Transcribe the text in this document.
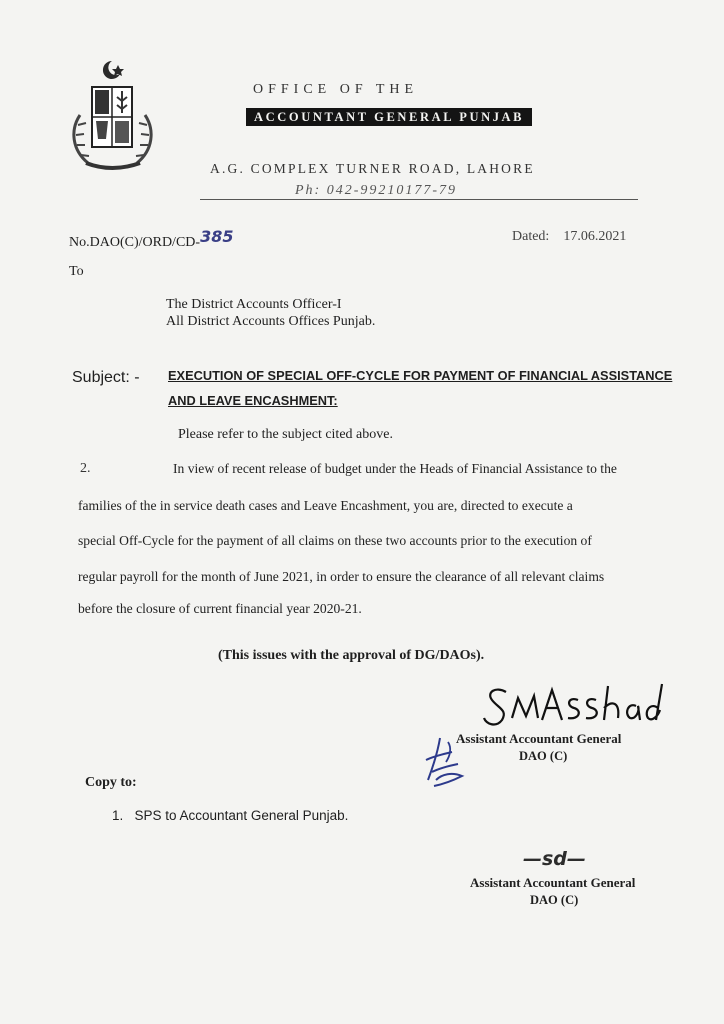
OFFICE OF THE
ACCOUNTANT GENERAL PUNJAB
A.G. COMPLEX TURNER ROAD, LAHORE
Ph: 042-99210177-79
No.DAO(C)/ORD/CD-385	Dated: 17.06.2021
To
The District Accounts Officer-I
All District Accounts Offices Punjab.
Subject: - EXECUTION OF SPECIAL OFF-CYCLE FOR PAYMENT OF FINANCIAL ASSISTANCE
AND LEAVE ENCASHMENT:
Please refer to the subject cited above.
2.	In view of recent release of budget under the Heads of Financial Assistance to the
families of the in service death cases and Leave Encashment, you are, directed to execute a
special Off-Cycle for the payment of all claims on these two accounts prior to the execution of
regular payroll for the month of June 2021, in order to ensure the clearance of all relevant claims
before the closure of current financial year 2020-21.
(This issues with the approval of DG/DAOs).
Assistant Accountant General
DAO (C)
Copy to:
1.   SPS to Accountant General Punjab.
—sd—
Assistant Accountant General
DAO (C)
